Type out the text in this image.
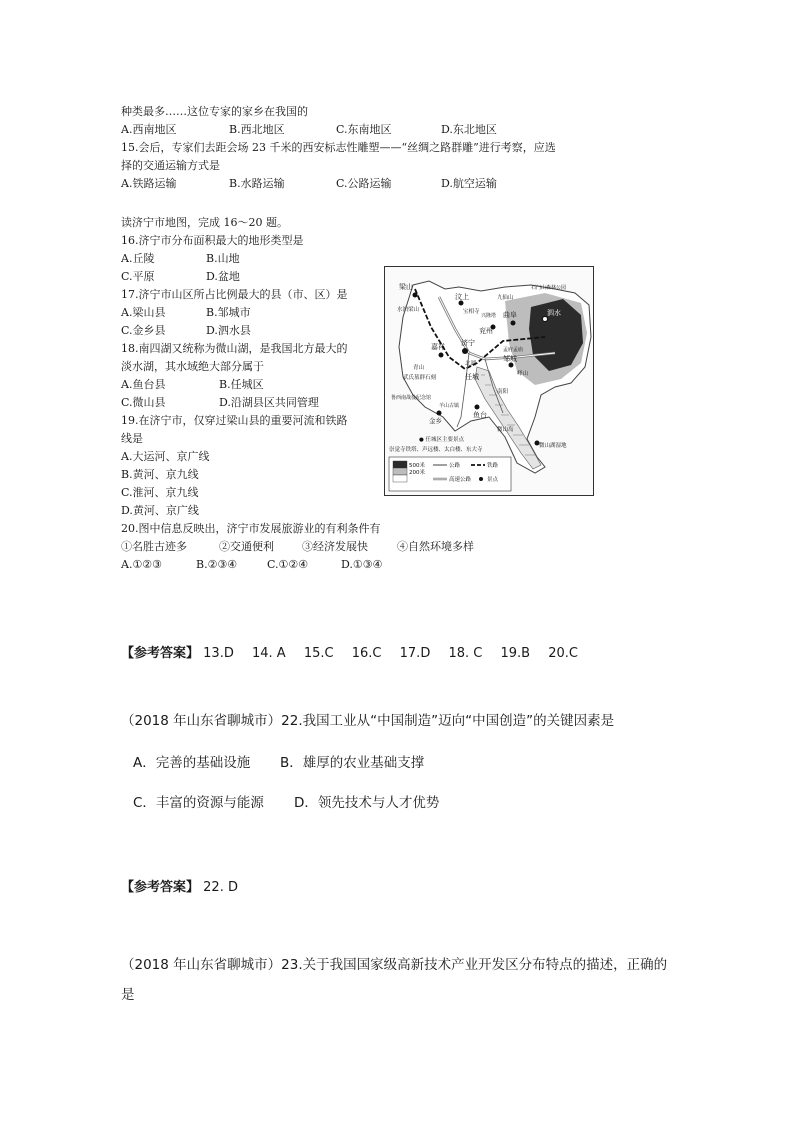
种类最多……这位专家的家乡在我国的
A.西南地区	B.西北地区	C.东南地区	D.东北地区
15.会后，专家们去距会场 23 千米的西安标志性雕塑——“丝绸之路群雕”进行考察，应选
择的交通运输方式是
A.铁路运输	B.水路运输	C.公路运输	D.航空运输
读济宁市地图，完成 16～20 题。
16.济宁市分布面积最大的地形类型是
A.丘陵	B.山地
C.平原	D.盆地
17.济宁市山区所占比例最大的县（市、区）是
A.梁山县	B.邹城市
C.金乡县	D.泗水县
18.南四湖又统称为微山湖，是我国北方最大的
淡水湖，其水域绝大部分属于
A.鱼台县	B.任城区
C.微山县	D.沿湖县区共同管理
19.在济宁市，仅穿过梁山县的重要河流和铁路
线是
A.大运河、京广线
B.黄河、京九线
C.淮河、京九线
D.黄河、京广线
20.图中信息反映出，济宁市发展旅游业的有利条件有
①名胜古迹多	②交通便利	③经济发展快	④自然环境多样
A.①②③	B.②③④	C.①②④	D.①③④
梁山
水泊梁山
汶上
宝相寺
九仙山
石门山森林公园
兴隆塔 曲阜
兖州
泗水
济宁
嘉祥
青山
武氏墓群石刻
北湖
邹城
孟府孟庙
峄山
任城
鲁西南战役纪念馆
金乡
羊山古镇
鱼台
南阳
微山岛
微山湖湿地
● 任城区主要景点
崇觉寺铁塔、声远楼、太白楼、东大寺
500米
200米
公路	铁路
高速公路	景点
【参考答案】 13.D 14. A 15.C 16.C 17.D 18. C 19.B 20.C
（2018 年山东省聊城市）22.我国工业从“中国制造”迈向“中国创造”的关键因素是
A．完善的基础设施 B．雄厚的农业基础支撑
C．丰富的资源与能源 D．领先技术与人才优势
【参考答案】 22. D
（2018 年山东省聊城市）23.关于我国国家级高新技术产业开发区分布特点的描述，正确的
是
